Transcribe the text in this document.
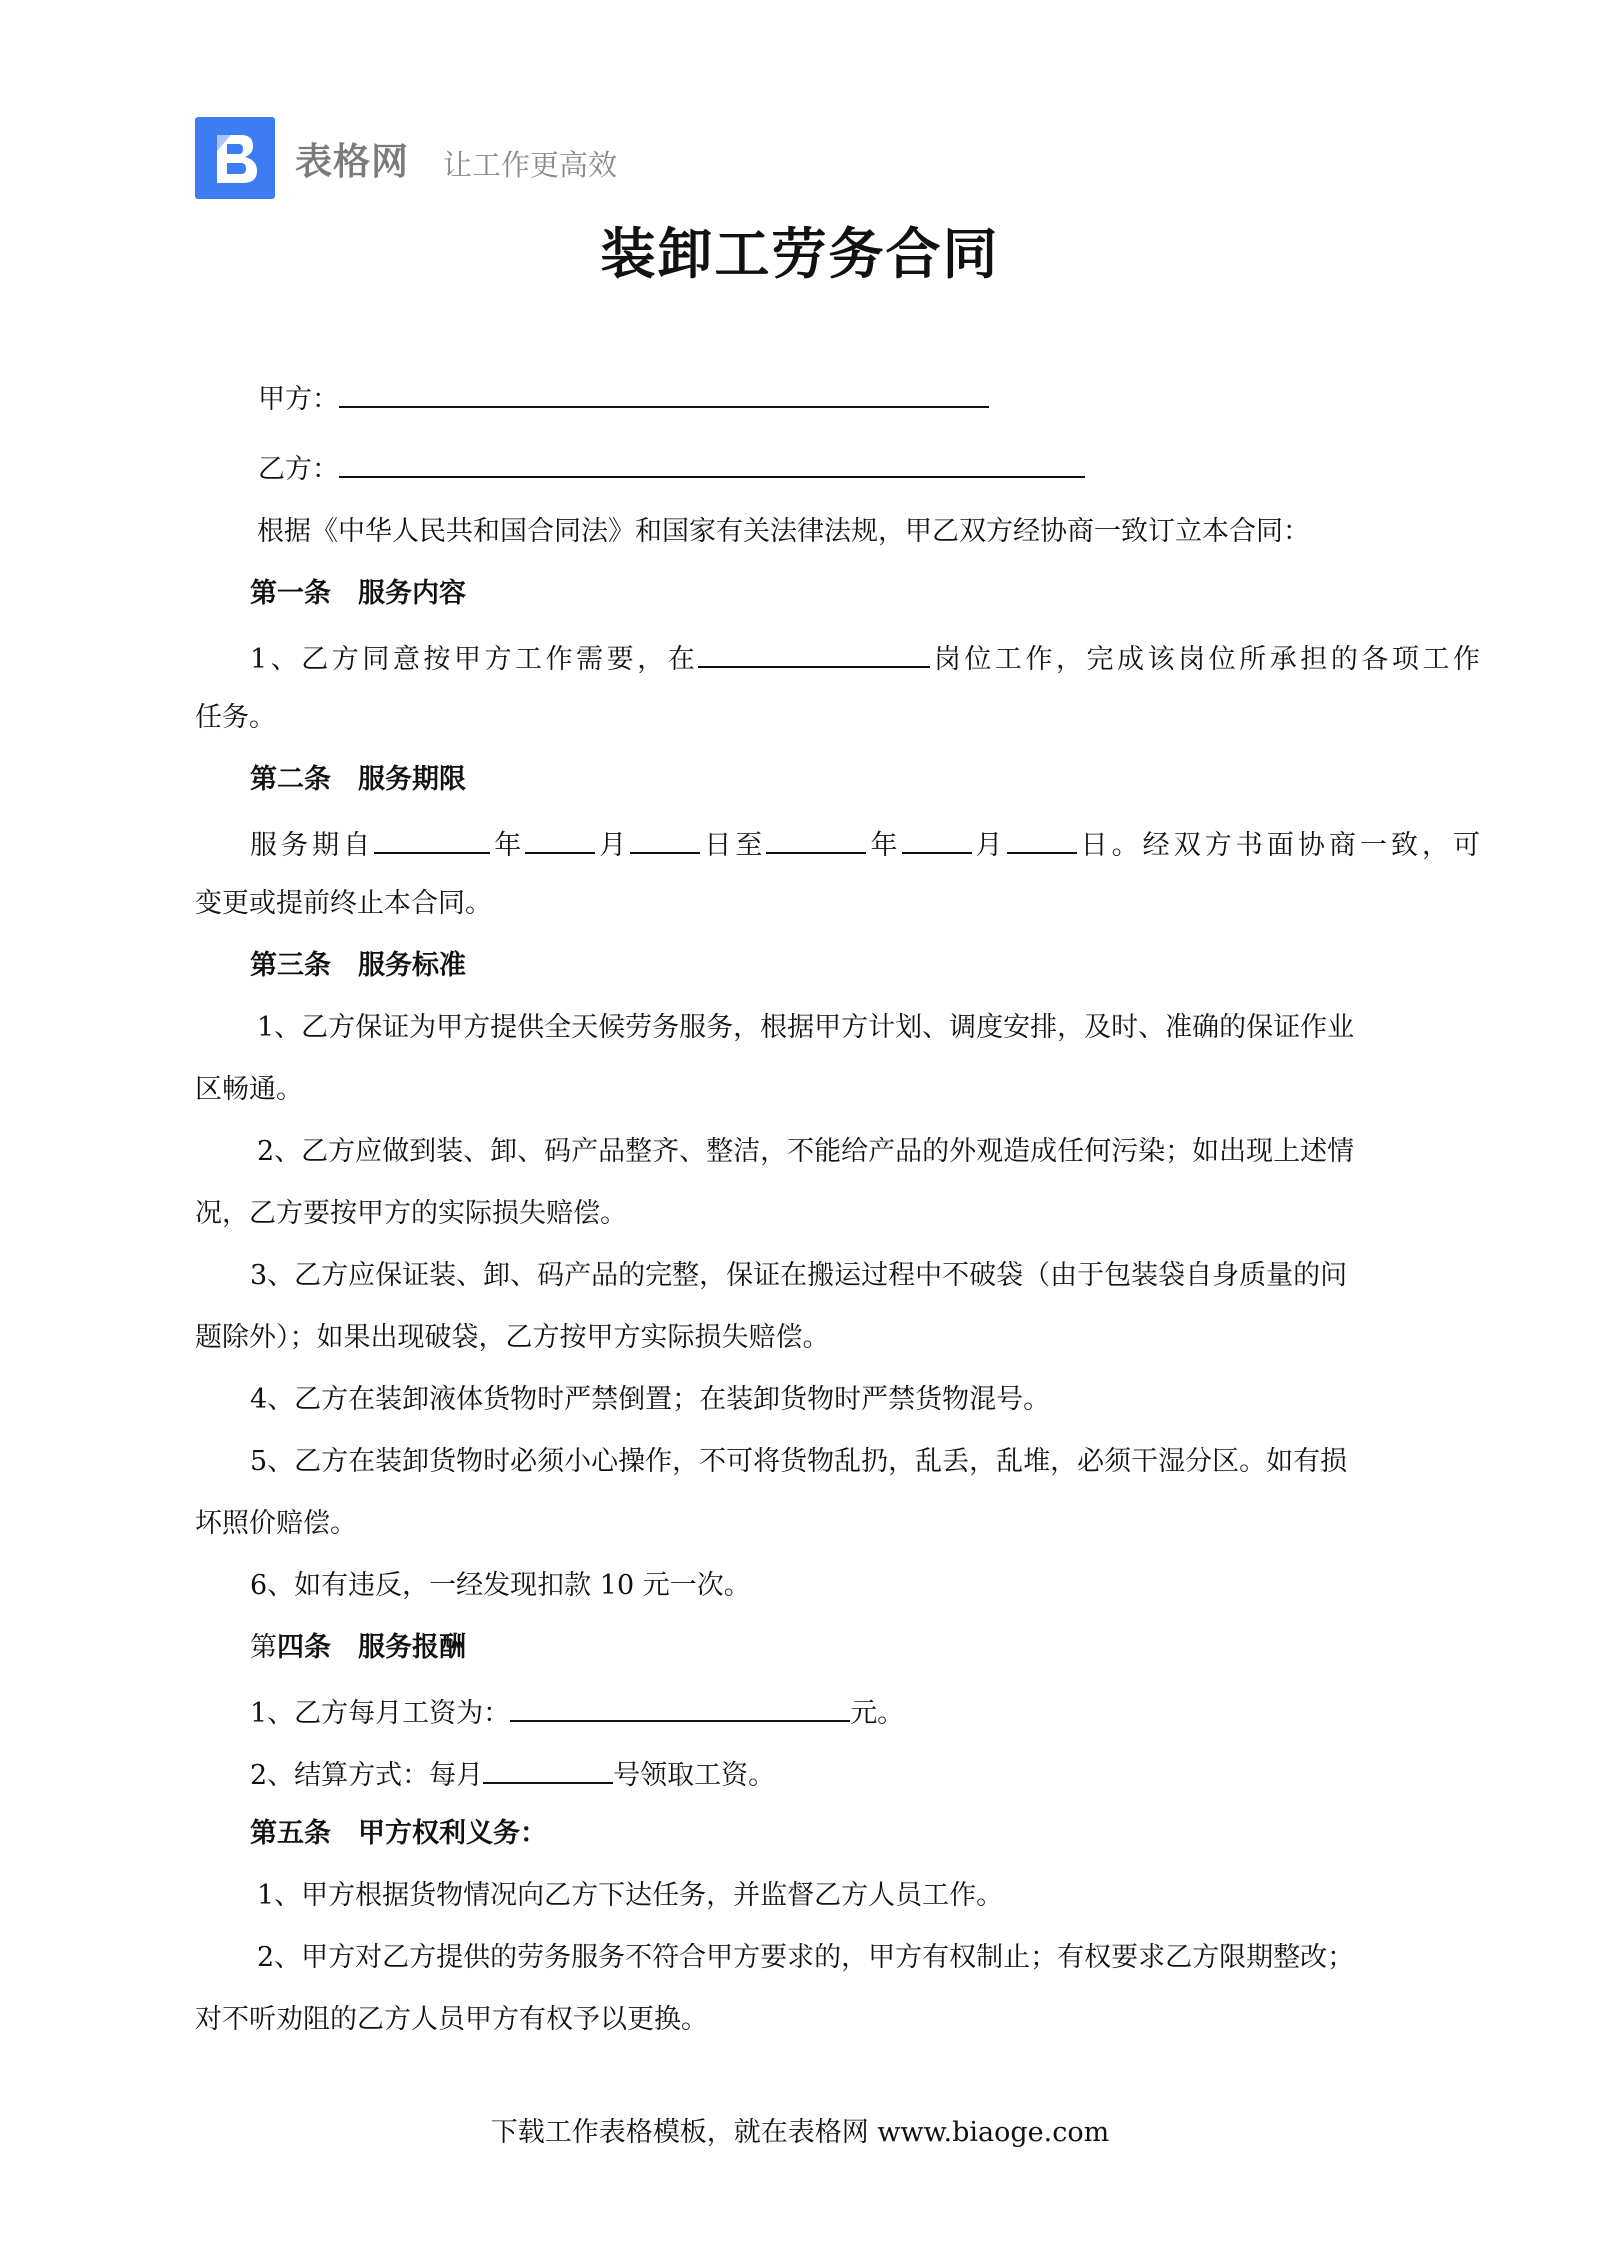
表格网 让工作更高效
装卸工劳务合同
甲方：
乙方：
根据《中华人民共和国合同法》和国家有关法律法规，甲乙双方经协商一致订立本合同：
第一条　服务内容
1、乙方同意按甲方工作需要，在	岗位工作，完成该岗位所承担的各项工作
任务。
第二条　服务期限
服务期自	年	月	日至	年	月	日。经双方书面协商一致，可
变更或提前终止本合同。
第三条　服务标准
1、乙方保证为甲方提供全天候劳务服务，根据甲方计划、调度安排，及时、准确的保证作业
区畅通。
2、乙方应做到装、卸、码产品整齐、整洁，不能给产品的外观造成任何污染；如出现上述情
况，乙方要按甲方的实际损失赔偿。
3、乙方应保证装、卸、码产品的完整，保证在搬运过程中不破袋（由于包装袋自身质量的问
题除外）；如果出现破袋，乙方按甲方实际损失赔偿。
4、乙方在装卸液体货物时严禁倒置；在装卸货物时严禁货物混号。
5、乙方在装卸货物时必须小心操作，不可将货物乱扔，乱丢，乱堆，必须干湿分区。如有损
坏照价赔偿。
6、如有违反，一经发现扣款 10 元一次。
第四条　服务报酬
1、乙方每月工资为：	元。
2、结算方式：每月	号领取工资。
第五条　甲方权利义务：
1、甲方根据货物情况向乙方下达任务，并监督乙方人员工作。
2、甲方对乙方提供的劳务服务不符合甲方要求的，甲方有权制止；有权要求乙方限期整改；
对不听劝阻的乙方人员甲方有权予以更换。
下载工作表格模板，就在表格网 www.biaoge.com
